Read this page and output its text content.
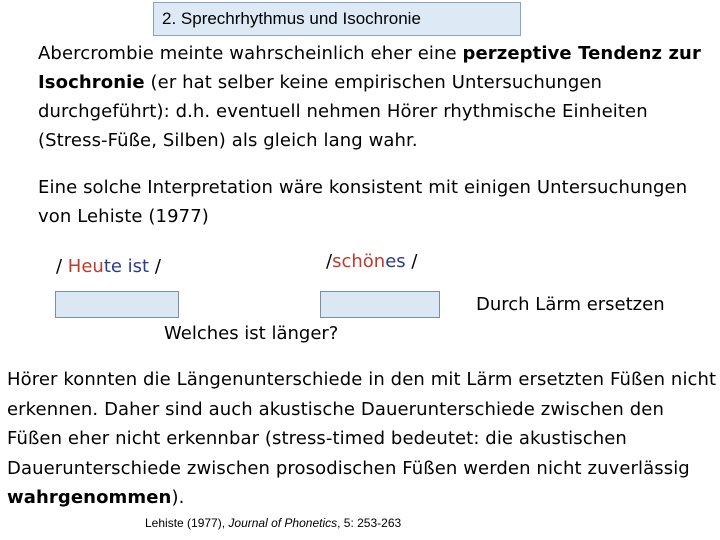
2. Sprechrhythmus und Isochronie
Abercrombie meinte wahrscheinlich eher eine perzeptive Tendenz zur Isochronie (er hat selber keine empirischen Untersuchungen durchgeführt): d.h. eventuell nehmen Hörer rhythmische Einheiten (Stress-Füße, Silben) als gleich lang wahr.
Eine solche Interpretation wäre konsistent mit einigen Untersuchungen von Lehiste (1977)
/ Heute ist /	/schönes /
Durch Lärm ersetzen
Welches ist länger?
Hörer konnten die Längenunterschiede in den mit Lärm ersetzten Füßen nicht erkennen. Daher sind auch akustische Dauerunterschiede zwischen den Füßen eher nicht erkennbar (stress-timed bedeutet: die akustischen Dauerunterschiede zwischen prosodischen Füßen werden nicht zuverlässig wahrgenommen).
Lehiste (1977), Journal of Phonetics, 5: 253-263
